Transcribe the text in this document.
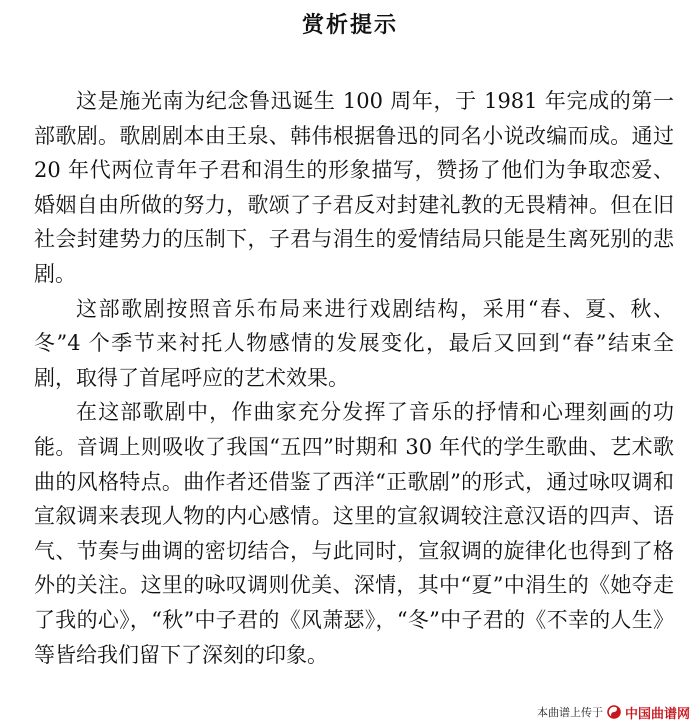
赏析提示

这是施光南为纪念鲁迅诞生 100 周年，于 1981 年完成的第一部歌剧。歌剧剧本由王泉、韩伟根据鲁迅的同名小说改编而成。通过 20 年代两位青年子君和涓生的形象描写，赞扬了他们为争取恋爱、婚姻自由所做的努力，歌颂了子君反对封建礼教的无畏精神。但在旧社会封建势力的压制下，子君与涓生的爱情结局只能是生离死别的悲剧。

这部歌剧按照音乐布局来进行戏剧结构，采用“春、夏、秋、冬”4 个季节来衬托人物感情的发展变化，最后又回到“春”结束全剧，取得了首尾呼应的艺术效果。

在这部歌剧中，作曲家充分发挥了音乐的抒情和心理刻画的功能。音调上则吸收了我国“五四”时期和 30 年代的学生歌曲、艺术歌曲的风格特点。曲作者还借鉴了西洋“正歌剧”的形式，通过咏叹调和宣叙调来表现人物的内心感情。这里的宣叙调较注意汉语的四声、语气、节奏与曲调的密切结合，与此同时，宣叙调的旋律化也得到了格外的关注。这里的咏叹调则优美、深情，其中“夏”中涓生的《她夺走了我的心》，“秋”中子君的《风萧瑟》，“冬”中子君的《不幸的人生》等皆给我们留下了深刻的印象。

本曲谱上传于 中国曲谱网
